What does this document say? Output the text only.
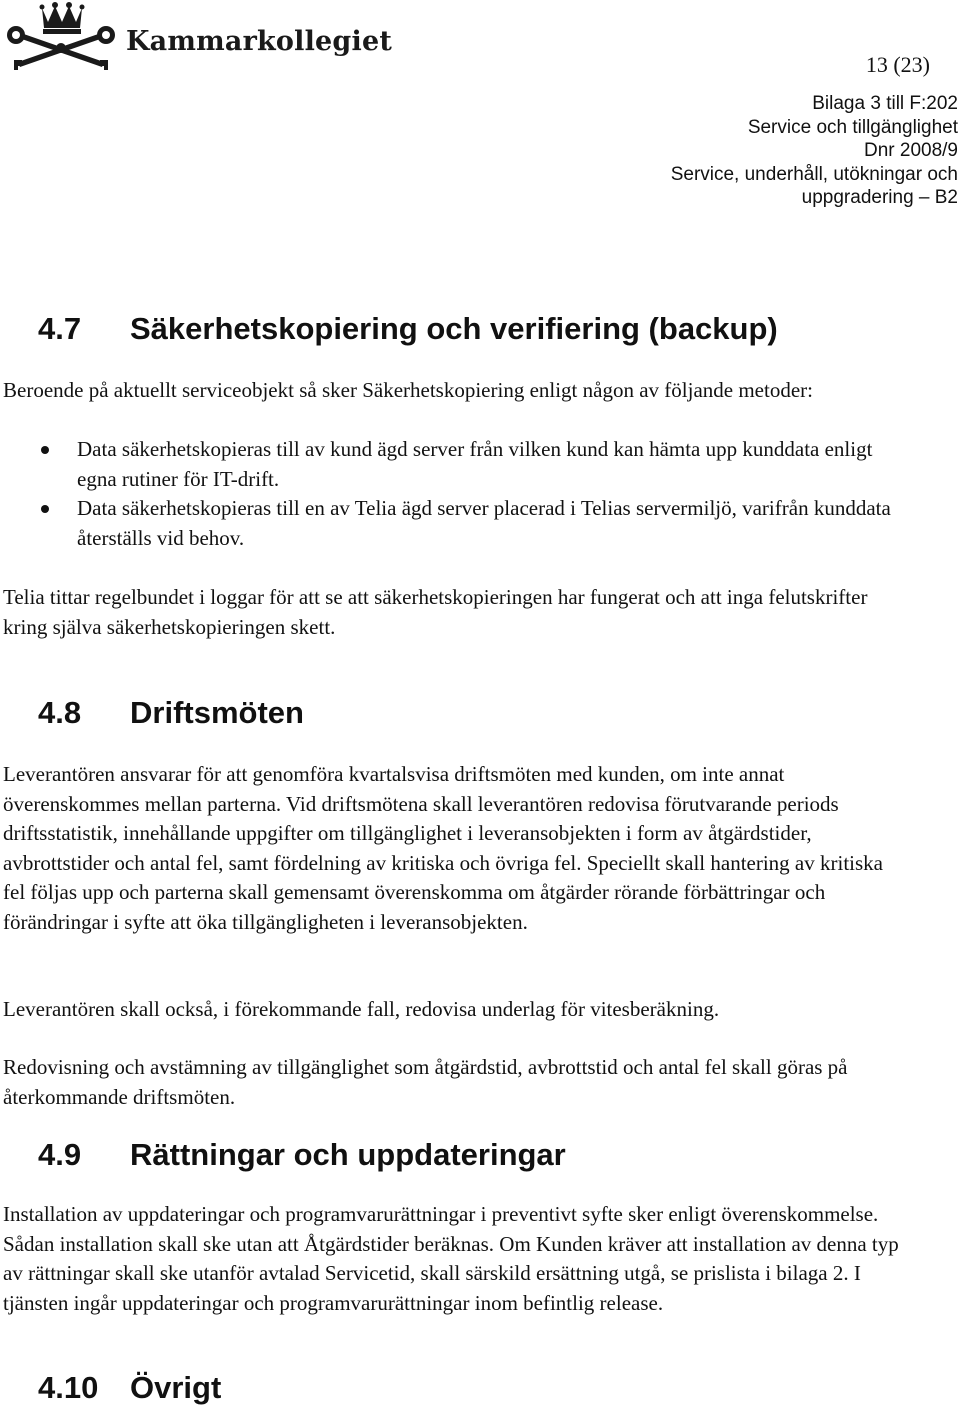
Kammarkollegiet
13 (23)
Bilaga 3 till F:202
Service och tillgänglighet
Dnr 2008/9
Service, underhåll, utökningar och
uppgradering – B2
4.7 Säkerhetskopiering och verifiering (backup)

Beroende på aktuellt serviceobjekt så sker Säkerhetskopiering enligt någon av följande metoder:

Data säkerhetskopieras till av kund ägd server från vilken kund kan hämta upp kunddata enligt egna rutiner för IT-drift.
Data säkerhetskopieras till en av Telia ägd server placerad i Telias servermiljö, varifrån kunddata återställs vid behov.

Telia tittar regelbundet i loggar för att se att säkerhetskopieringen har fungerat och att inga felutskrifter kring själva säkerhetskopieringen skett.

4.8 Driftsmöten

Leverantören ansvarar för att genomföra kvartalsvisa driftsmöten med kunden, om inte annat överenskommes mellan parterna. Vid driftsmötena skall leverantören redovisa förutvarande periods driftsstatistik, innehållande uppgifter om tillgänglighet i leveransobjekten i form av åtgärdstider, avbrottstider och antal fel, samt fördelning av kritiska och övriga fel. Speciellt skall hantering av kritiska fel följas upp och parterna skall gemensamt överenskomma om åtgärder rörande förbättringar och förändringar i syfte att öka tillgängligheten i leveransobjekten.

Leverantören skall också, i förekommande fall, redovisa underlag för vitesberäkning.

Redovisning och avstämning av tillgänglighet som åtgärdstid, avbrottstid och antal fel skall göras på återkommande driftsmöten.

4.9 Rättningar och uppdateringar

Installation av uppdateringar och programvarurättningar i preventivt syfte sker enligt överenskommelse. Sådan installation skall ske utan att Åtgärdstider beräknas. Om Kunden kräver att installation av denna typ av rättningar skall ske utanför avtalad Servicetid, skall särskild ersättning utgå, se prislista i bilaga 2. I tjänsten ingår uppdateringar och programvarurättningar inom befintlig release.

4.10 Övrigt
